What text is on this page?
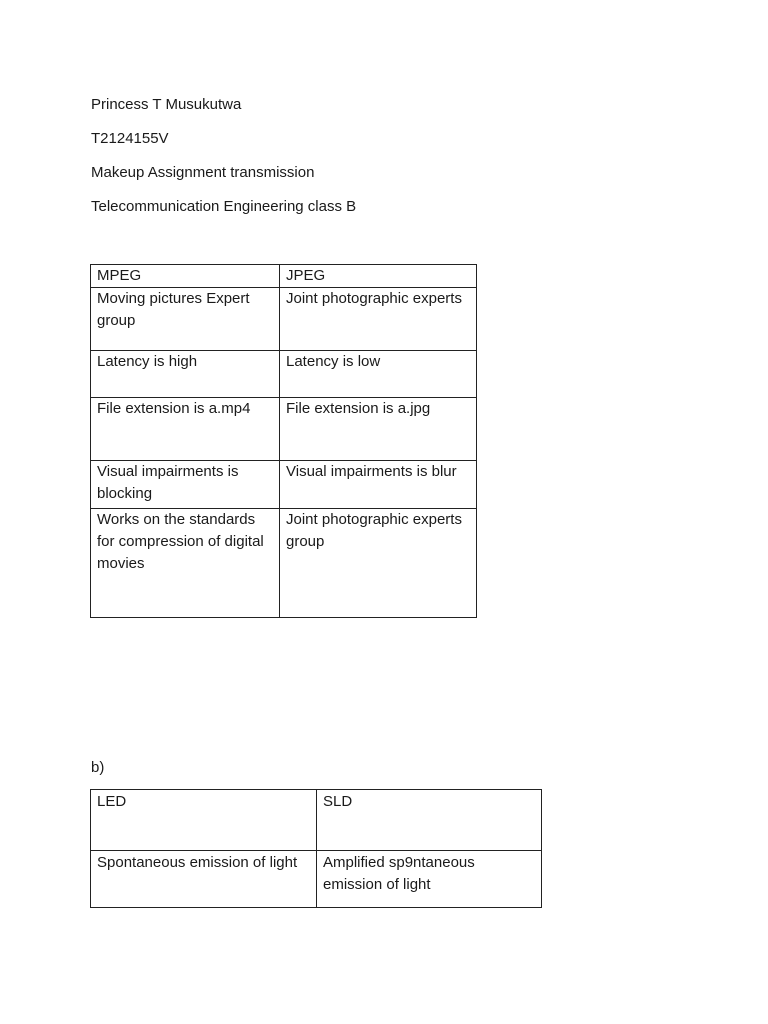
Princess T Musukutwa

T2124155V

Makeup Assignment transmission

Telecommunication Engineering class B

MPEG	JPEG
Moving pictures Expert group	Joint photographic experts
Latency is high	Latency is low
File extension is a.mp4	File extension is a.jpg
Visual impairments is blocking	Visual impairments is blur
Works on the standards for compression of digital movies	Joint photographic experts group

b)

LED	SLD
Spontaneous emission of light	Amplified sp9ntaneous emission of light
